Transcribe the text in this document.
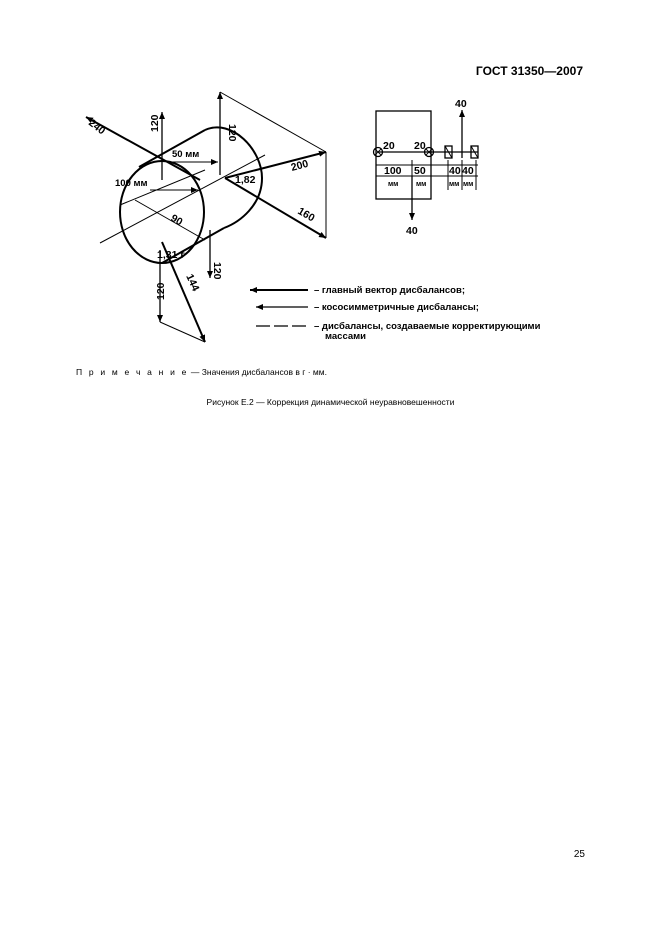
ГОСТ 31350—2007
240	120
120
50 мм
100 мм	1,82
200
90	160
1,31 г
120
120 144
40
20 20
100 50 40 40
мм	мм	мм мм
40
– главный вектор дисбалансов;
– кососимметричные дисбалансы;
– дисбалансы, создаваемые корректирующими
массами
П р и м е ч а н и е — Значения дисбалансов в г · мм.
Рисунок Е.2 — Коррекция динамической неуравновешенности
25
